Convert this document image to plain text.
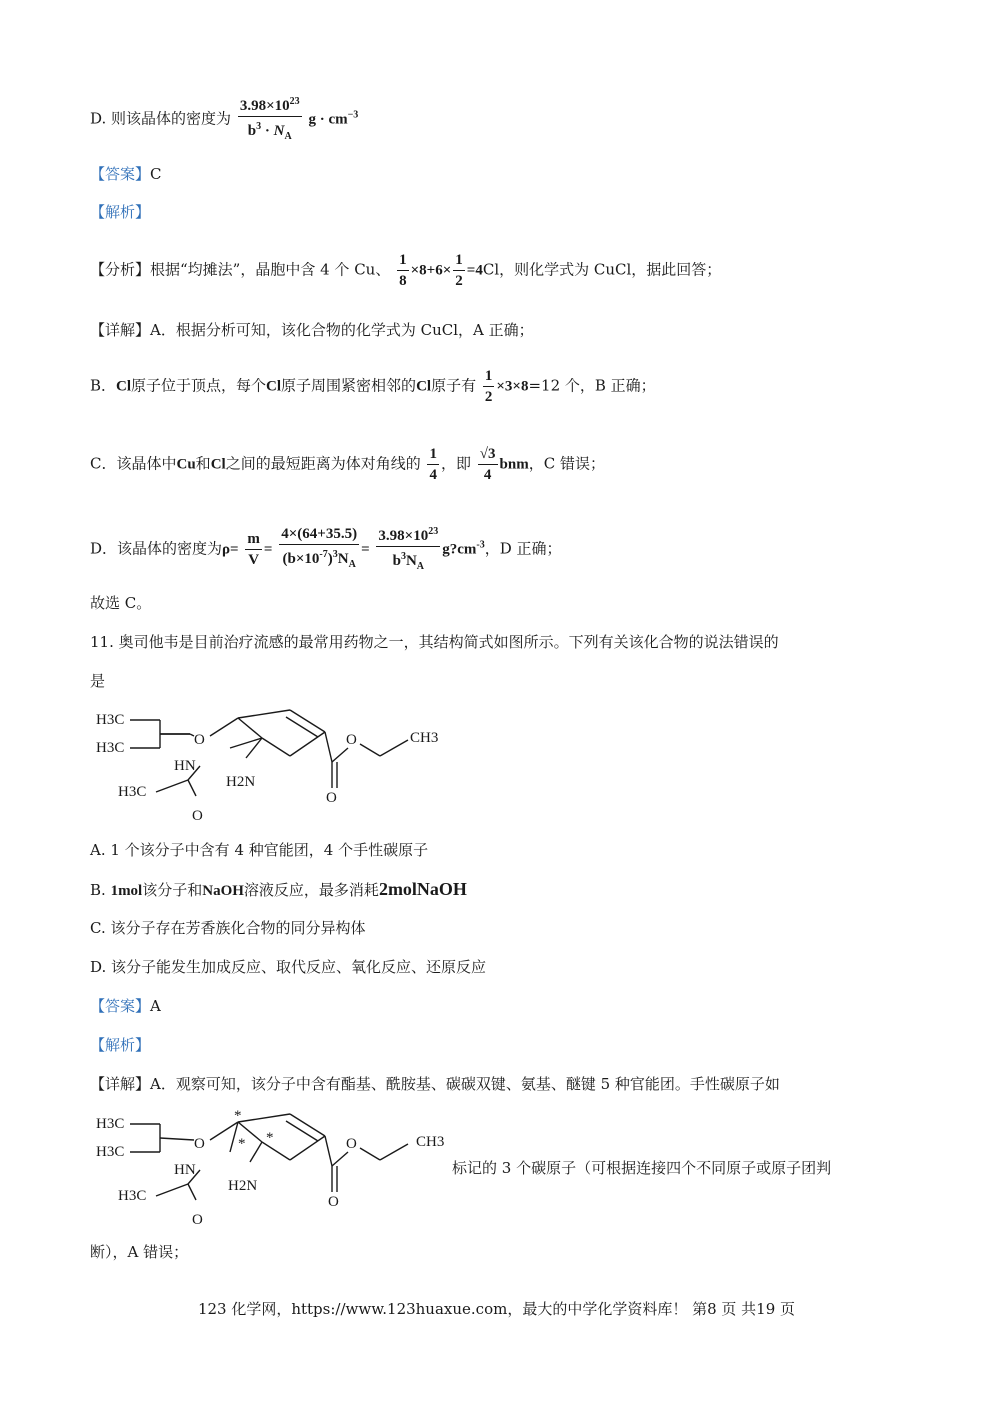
D. 则该晶体的密度为 $\frac{3.98\times 10^{23}}{b^3 \cdot N_A}$ $g \cdot cm^{-3}$
【答案】C
【解析】
【分析】根据“均摊法”，晶胞中含 4 个 Cu、 $\frac{1}{8} \times 8+6\times \frac{1}{2} =4Cl$，则化学式为 CuCl，据此回答；
【详解】A．根据分析可知，该化合物的化学式为 CuCl，A 正确；
B．Cl原子位于顶点，每个Cl原子周围紧密相邻的Cl原子有 $\frac{1}{2} \times 3\times 8=12$ 个，B 正确；
C．该晶体中Cu和Cl之间的最短距离为体对角线的 $\frac{1}{4}$ ，即 $\frac{√3}{4}$ bnm，C 错误；
D．该晶体的密度为$\rho= \frac{m}{V} = \frac{4\times(64+35.5)}{(b\times 10^{-7})^3N_A} = \frac{3.98\times 10^{23}}{b^3N_A}$ $g?cm^{-3}$，D 正确；
故选 C。
11. 奥司他韦是目前治疗流感的最常用药物之一，其结构简式如图所示。下列有关该化合物的说法错误的
是
H3C
H3C	O	O	CH3
HN
H2N
O
H3C
O
A. 1 个该分子中含有 4 种官能团，4 个手性碳原子
B. 1mol该分子和NaOH溶液反应，最多消耗2molNaOH
C. 该分子存在芳香族化合物的同分异构体
D. 该分子能发生加成反应、取代反应、氧化反应、还原反应
【答案】A
【解析】
【详解】A．观察可知，该分子中含有酯基、酰胺基、碳碳双键、氨基、醚键 5 种官能团。手性碳原子如
H3C
H3C	O	O	CH3
HN
H2N
O
H3C
O
*
* *
标记的 3 个碳原子（可根据连接四个不同原子或原子团判
断），A 错误；
123 化学网，https://www.123huaxue.com，最大的中学化学资料库！ 第8 页 共19 页
